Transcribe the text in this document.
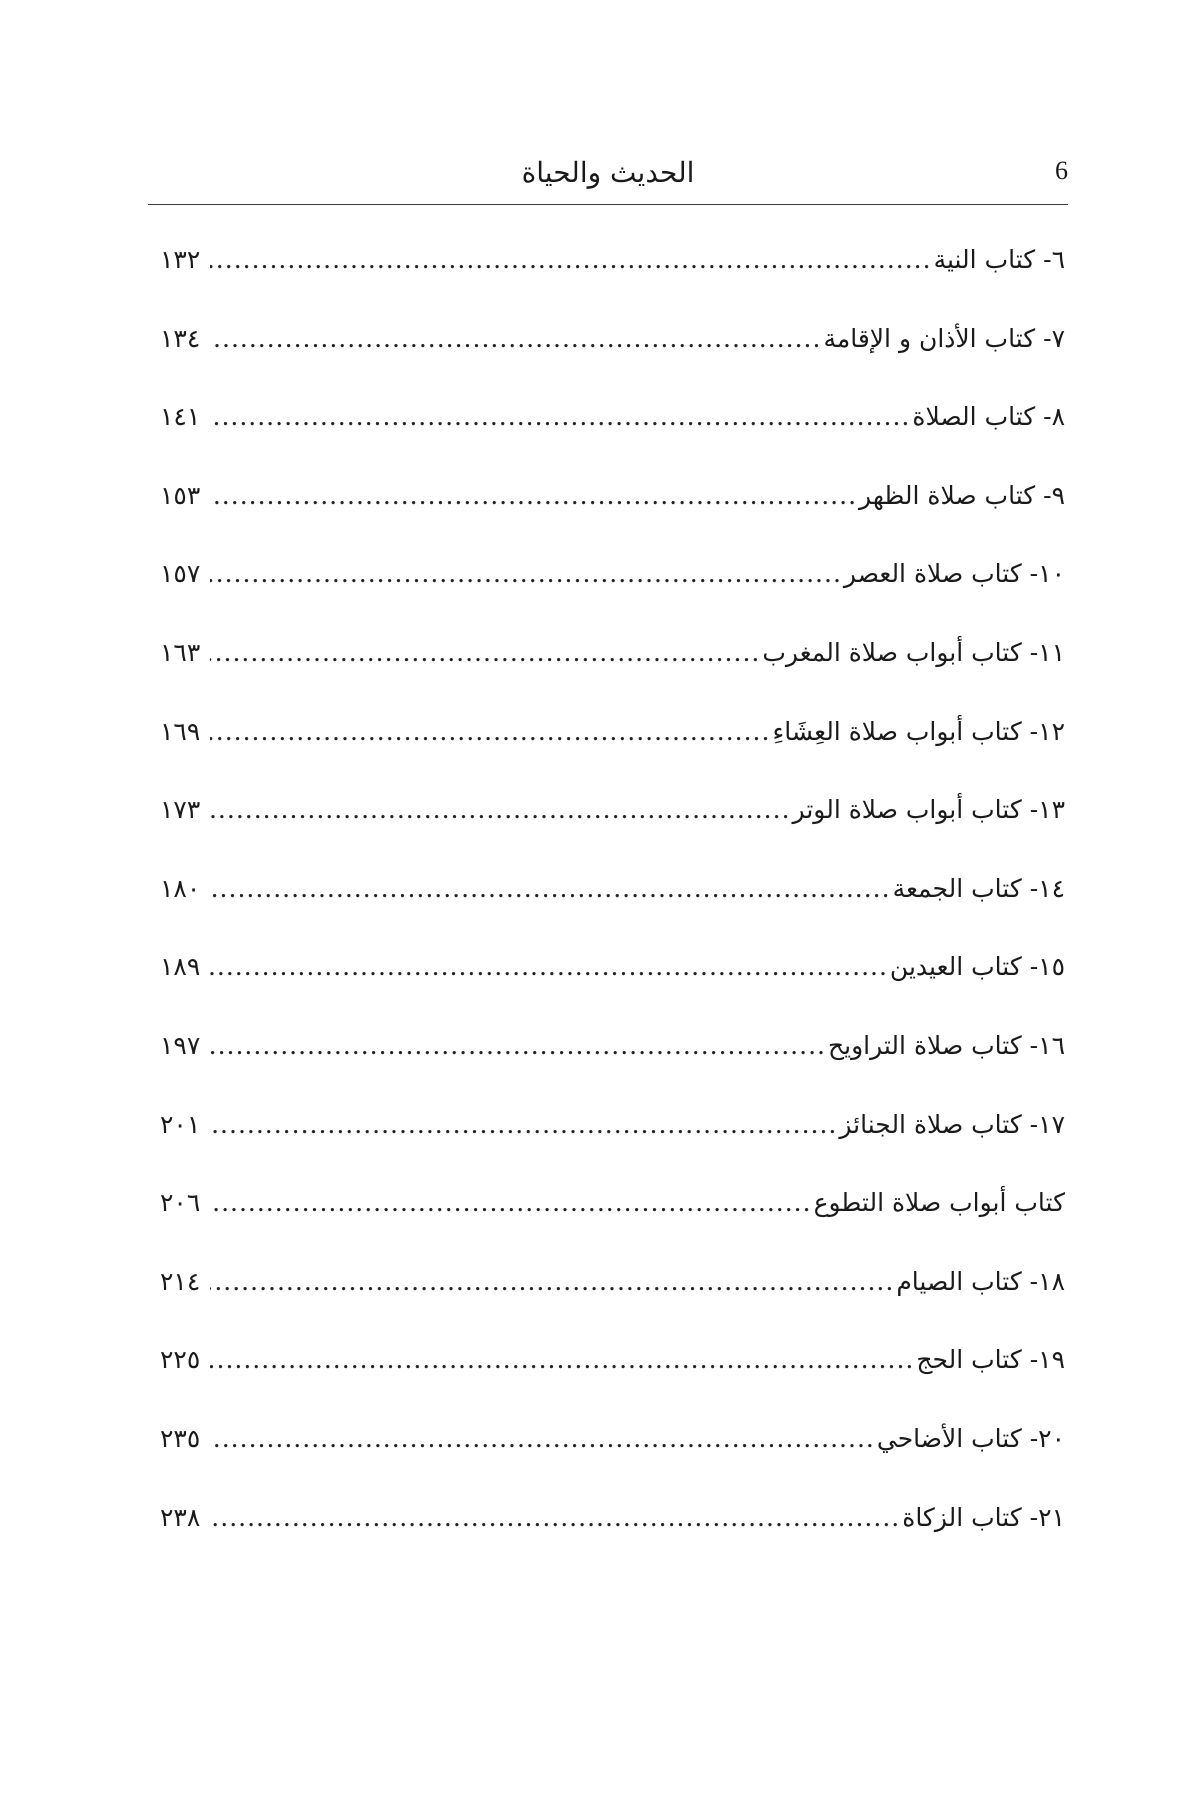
الحديث والحياة	6
٦- كتاب النية
.....
١٣٢
٧- كتاب الأذان و الإقامة
.....
١٣٤
٨- كتاب الصلاة
.....
١٤١
٩- كتاب صلاة الظهر
.....
١٥٣
١٠- كتاب صلاة العصر
.....
١٥٧
١١- كتاب أبواب صلاة المغرب
.....
١٦٣
١٢- كتاب أبواب صلاة العِشَاءِ
.....
١٦٩
١٣- كتاب أبواب صلاة الوتر
.....
١٧٣
١٤- كتاب الجمعة
.....
١٨٠
١٥- كتاب العيدين
.....
١٨٩
١٦- كتاب صلاة التراويح
.....
١٩٧
١٧- كتاب صلاة الجنائز
.....
٢٠١
كتاب أبواب صلاة التطوع
.....
٢٠٦
١٨- كتاب الصيام
.....
٢١٤
١٩- كتاب الحج
.....
٢٢٥
٢٠- كتاب الأضاحي
.....
٢٣٥
٢١- كتاب الزكاة
.....
٢٣٨
